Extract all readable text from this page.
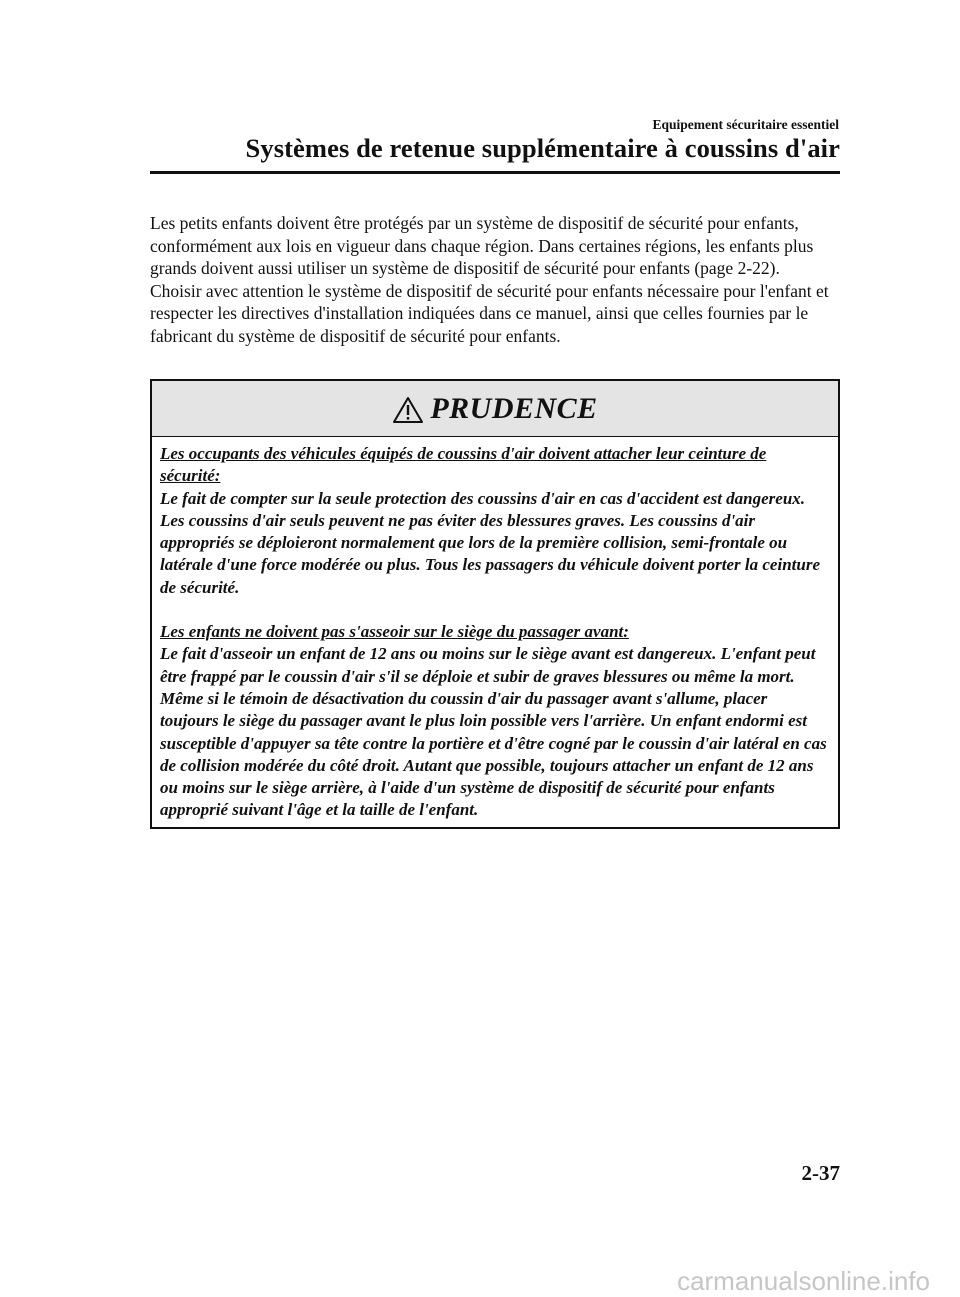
Equipement sécuritaire essentiel
Systèmes de retenue supplémentaire à coussins d'air

Les petits enfants doivent être protégés par un système de dispositif de sécurité pour enfants, conformément aux lois en vigueur dans chaque région. Dans certaines régions, les enfants plus grands doivent aussi utiliser un système de dispositif de sécurité pour enfants (page 2-22).

Choisir avec attention le système de dispositif de sécurité pour enfants nécessaire pour l'enfant et respecter les directives d'installation indiquées dans ce manuel, ainsi que celles fournies par le fabricant du système de dispositif de sécurité pour enfants.

PRUDENCE

Les occupants des véhicules équipés de coussins d'air doivent attacher leur ceinture de sécurité:

Le fait de compter sur la seule protection des coussins d'air en cas d'accident est dangereux. Les coussins d'air seuls peuvent ne pas éviter des blessures graves. Les coussins d'air appropriés se déploieront normalement que lors de la première collision, semi-frontale ou latérale d'une force modérée ou plus. Tous les passagers du véhicule doivent porter la ceinture de sécurité.

Les enfants ne doivent pas s'asseoir sur le siège du passager avant:

Le fait d'asseoir un enfant de 12 ans ou moins sur le siège avant est dangereux. L'enfant peut être frappé par le coussin d'air s'il se déploie et subir de graves blessures ou même la mort. Même si le témoin de désactivation du coussin d'air du passager avant s'allume, placer toujours le siège du passager avant le plus loin possible vers l'arrière. Un enfant endormi est susceptible d'appuyer sa tête contre la portière et d'être cogné par le coussin d'air latéral en cas de collision modérée du côté droit. Autant que possible, toujours attacher un enfant de 12 ans ou moins sur le siège arrière, à l'aide d'un système de dispositif de sécurité pour enfants approprié suivant l'âge et la taille de l'enfant.

2-37
carmanualsonline.info
